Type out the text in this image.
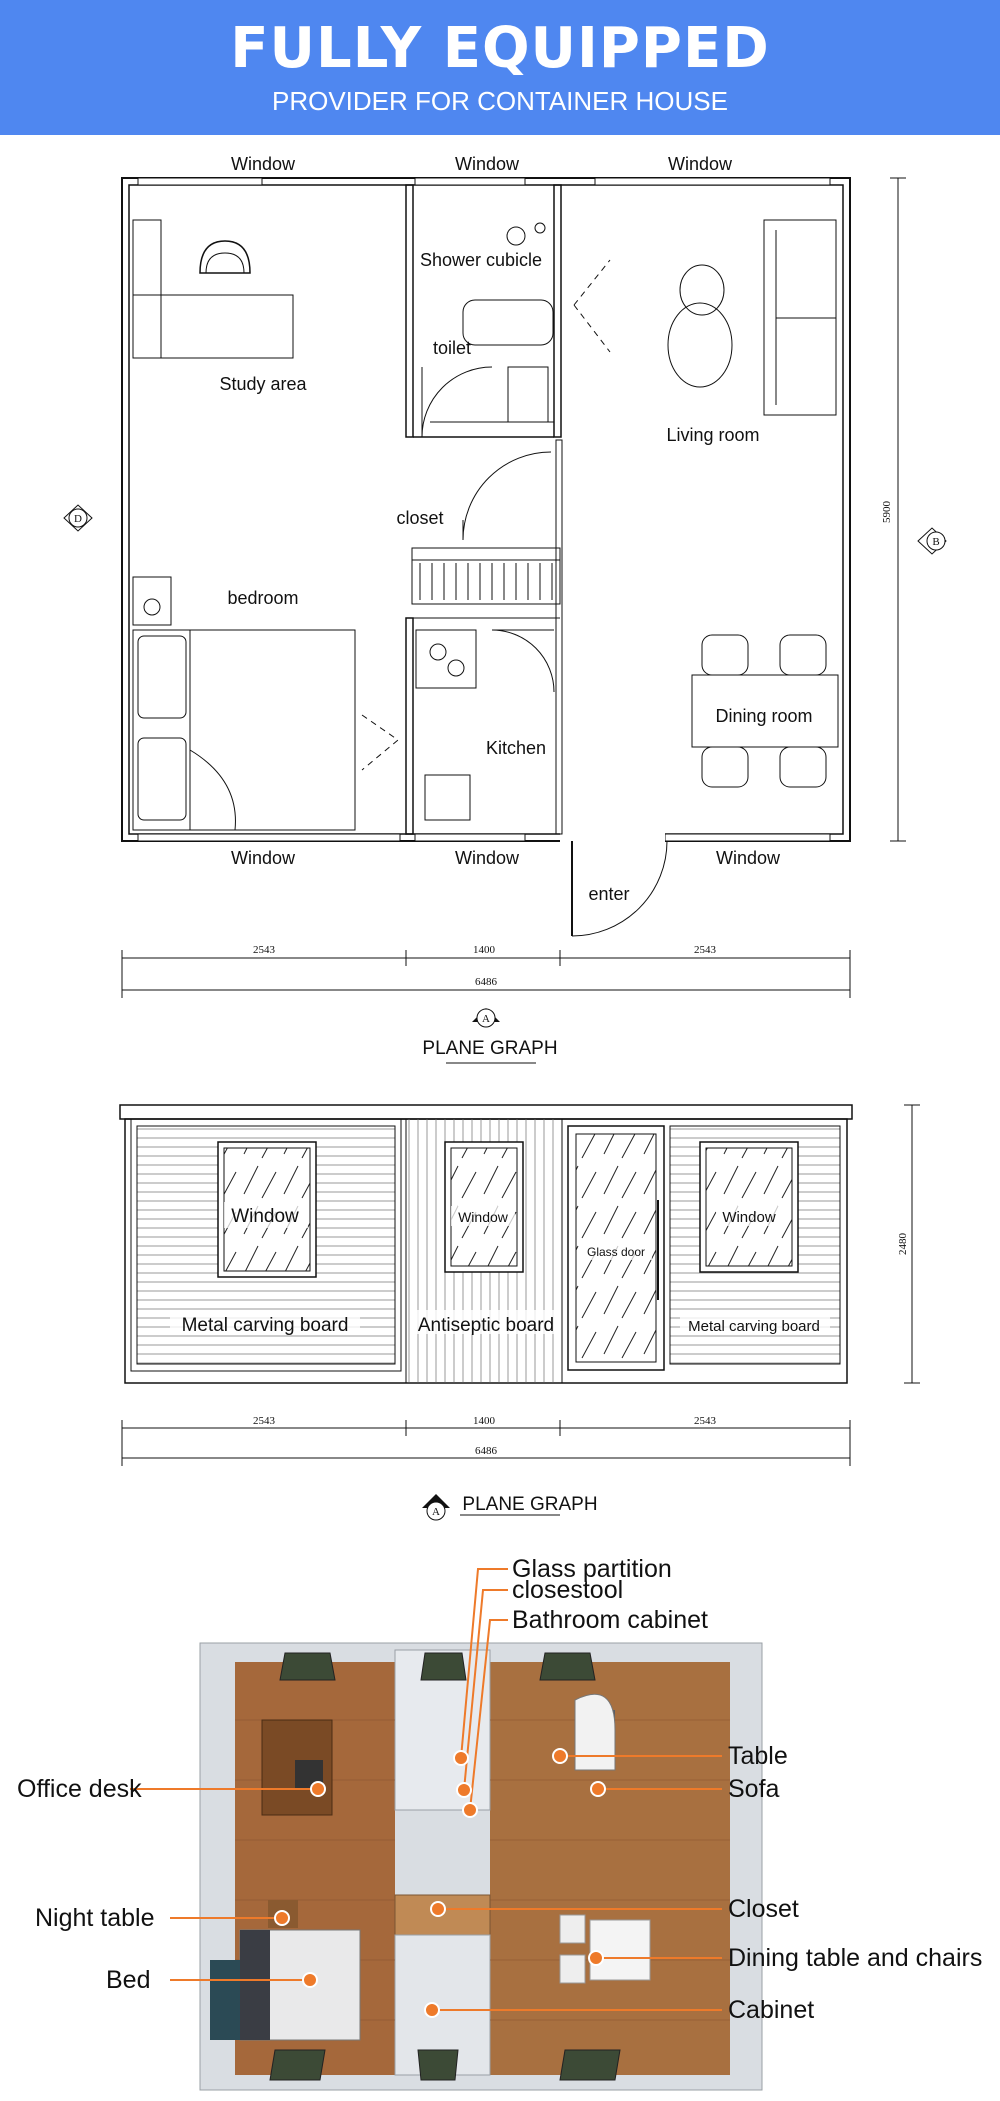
FULLY EQUIPPED
PROVIDER FOR CONTAINER HOUSE
Window	Window	Window
Window	Window	Window
Study area
Shower cubicle
toilet
Living room
closet
bedroom
Kitchen
Dining room
enter
2543	1400	2543
6486
5900
D
B
A
PLANE GRAPH
Window	Window	Window
Glass door
Metal carving board	Antiseptic board	Metal carving board
2543	1400	2543
6486
2480
A PLANE GRAPH
Glass partition
closestool
Bathroom cabinet
Office desk
Night table
Bed
Table
Sofa
Closet
Dining table and chairs
Cabinet
